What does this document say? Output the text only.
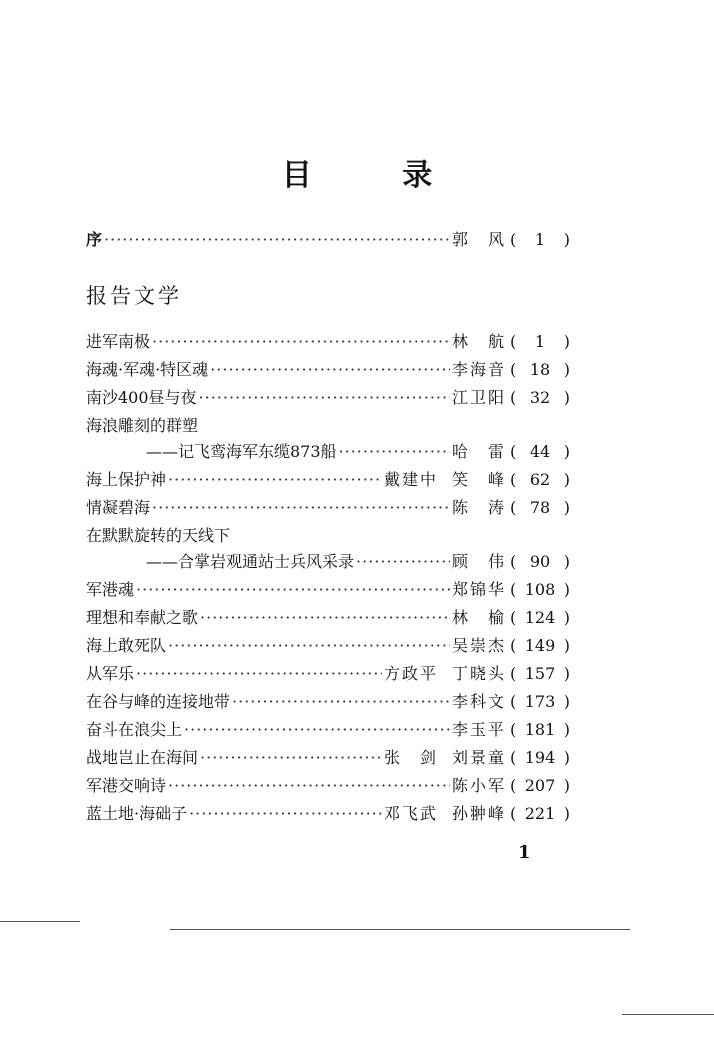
目 录
序 ·····	郭　风 (	1	)
报告文学
进军南极 ·····	林　航 (	1	)
海魂·军魂·特区魂 ·····	李海音 ( 18 )
南沙400昼与夜 ·····	江卫阳 ( 32 )
海浪雕刻的群塑
——记飞鸾海军东缆873船 ·····	哈　雷 ( 44 )
海上保护神 ·····	戴建中 笑　峰 ( 62 )
情凝碧海 ·····	陈　涛 ( 78 )
在默默旋转的天线下
——合掌岩观通站士兵风采录 ·····	顾　伟 ( 90 )
军港魂 ·····	郑锦华 ( 108 )
理想和奉献之歌 ·····	林　榆 ( 124 )
海上敢死队 ·····	吴崇杰 ( 149 )
从军乐 ·····	方政平 丁晓头 ( 157 )
在谷与峰的连接地带 ·····	李科文 ( 173 )
奋斗在浪尖上 ·····	李玉平 ( 181 )
战地岂止在海间 ·····	张　剑 刘景童 ( 194 )
军港交响诗 ·····	陈小军 ( 207 )
蓝土地·海础子 ·····	邓飞武 孙翀峰 ( 221 )
1
